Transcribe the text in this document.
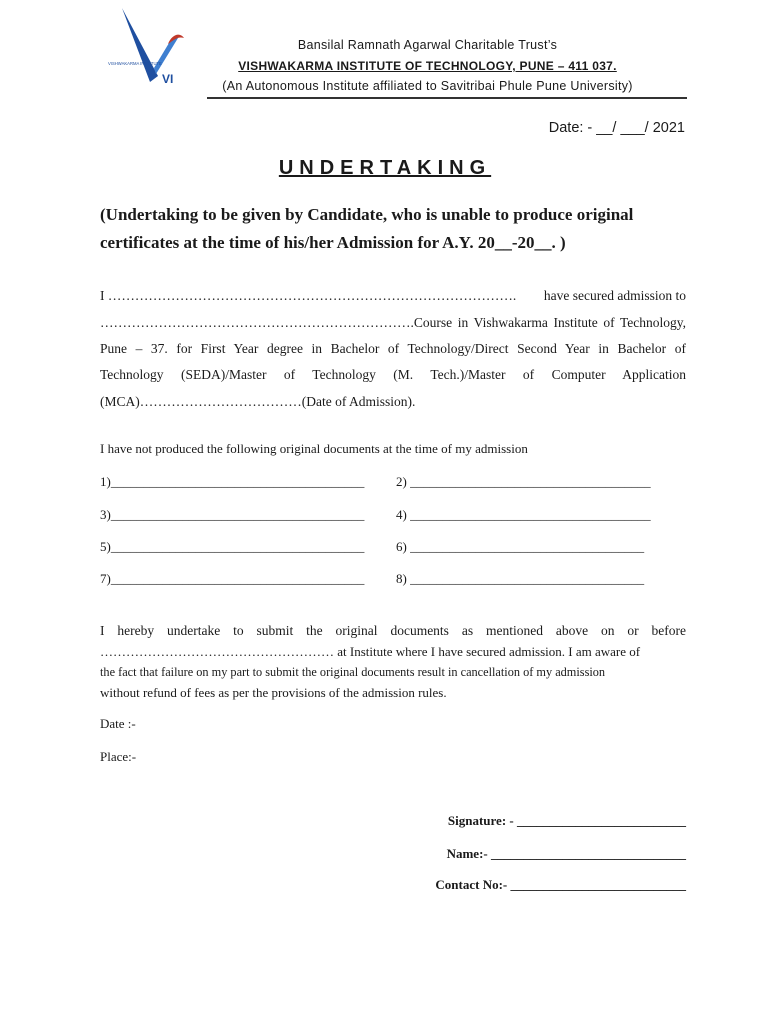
VISHWAKARMA INSTITUTE
VI
Bansilal Ramnath Agarwal Charitable Trust’s
VISHWAKARMA INSTITUTE OF TECHNOLOGY, PUNE – 411 037.
(An Autonomous Institute affiliated to Savitribai Phule Pune University)
Date: - __/ ___/ 2021
UNDERTAKING
(Undertaking to be given by Candidate, who is unable to produce original
certificates at the time of his/her Admission for A.Y. 20__-20__. )
I ………………………………………………………………………………. have secured admission to
…………………………………………………………….Course in Vishwakarma Institute of Technology,
Pune – 37. for First Year degree in Bachelor of Technology/Direct Second Year in Bachelor of
Technology (SEDA)/Master of Technology (M. Tech.)/Master of Computer Application
(MCA)………………………………(Date of Admission).
I have not produced the following original documents at the time of my admission
1)_______________________________________ 2) _____________________________________
3)_______________________________________ 4) _____________________________________
5)_______________________________________ 6) ____________________________________
7)_______________________________________ 8) ____________________________________
I hereby undertake to submit the original documents as mentioned above on or before
……………………………………………… at Institute where I have secured admission. I am aware of
the fact that failure on my part to submit the original documents result in cancellation of my admission
without refund of fees as per the provisions of the admission rules.
Date :-
Place:-
Signature: - __________________________
Name:- ______________________________
Contact No:- ___________________________
